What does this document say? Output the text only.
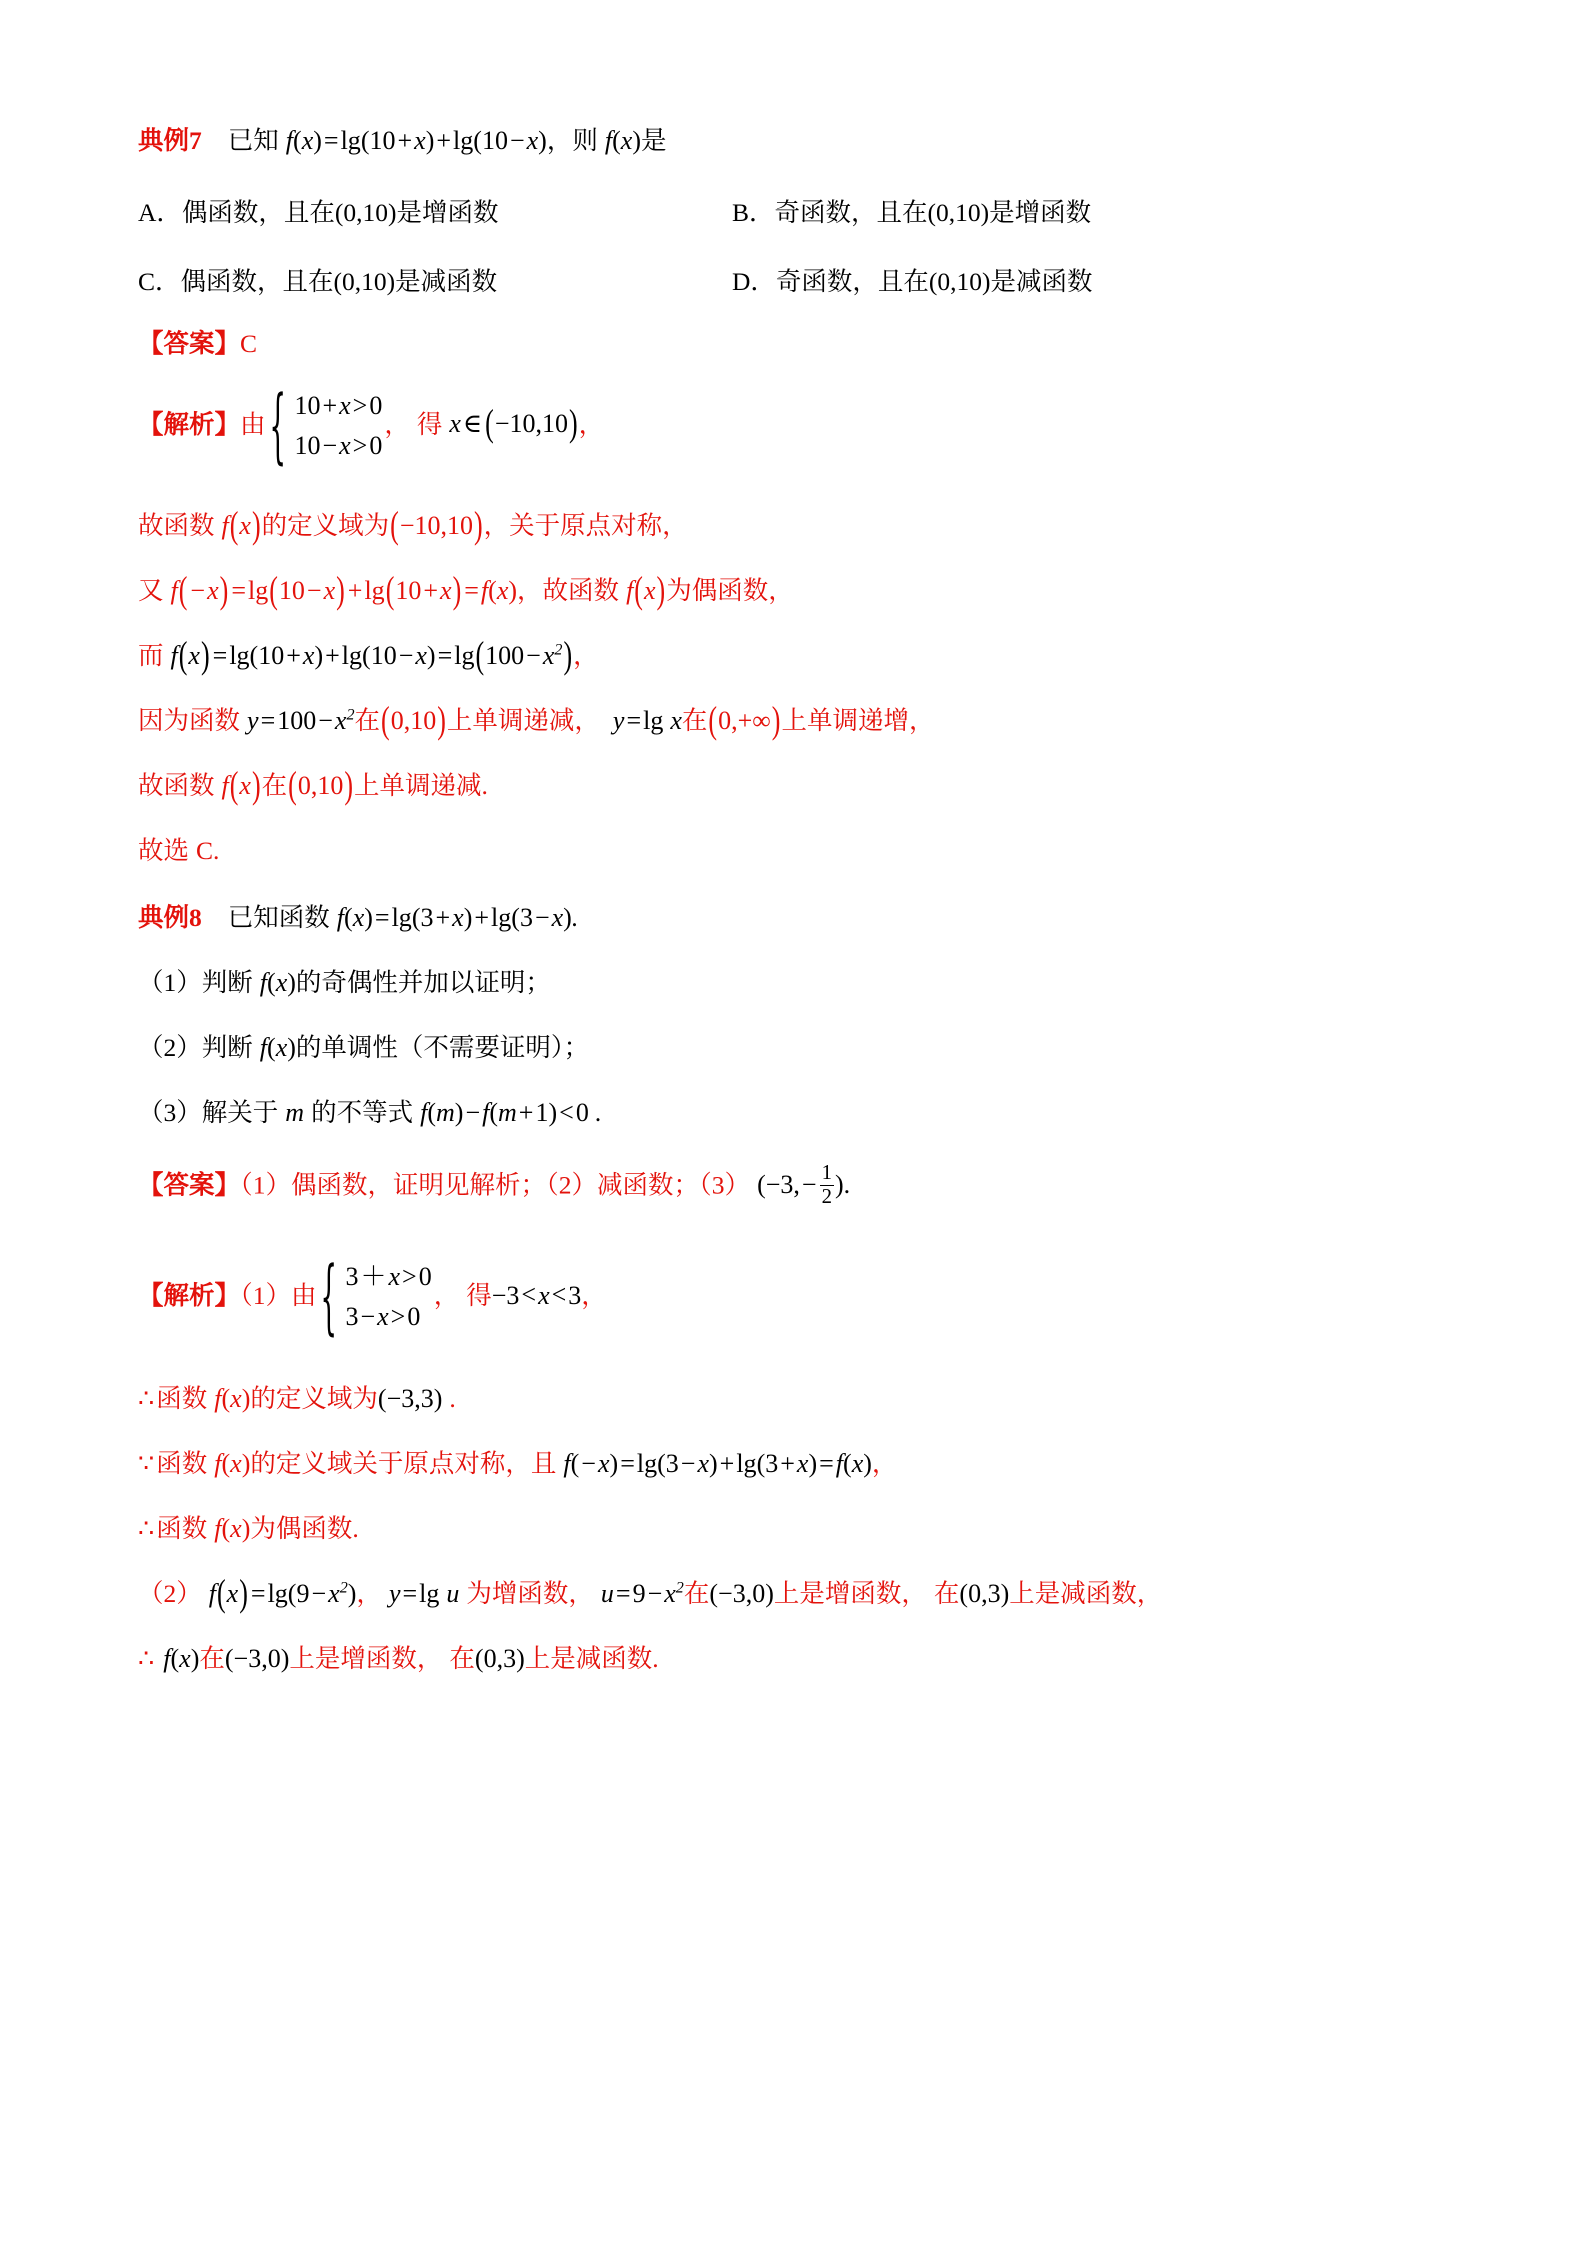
典例7 已知 f(x)=lg(10+x)+lg(10−x)，则 f(x)是
A．偶函数，且在(0,10)是增函数	B．奇函数，且在(0,10)是增函数
C．偶函数，且在(0,10)是减函数	D．奇函数，且在(0,10)是减函数
【答案】C
【解析】由 { 10+x>0
10−x>0
， 得 x∈ (−10,10)，
故函数 f(x)的定义域为(−10,10)，关于原点对称，
又 f( −x) =lg(10−x) +lg(10+x) =f(x)，故函数 f(x)为偶函数，
而 $f(x) =\lg(10+x)+\lg(10-x)=\lg(100-x^2)$，
因为函数 $y=100-x^2$在(0,10)上单调递减， y=lg x在(0,+∞)上单调递增，
故函数 f(x)在(0,10)上单调递减.
故选 C.
典例8 已知函数 f(x)=lg(3+x)+lg(3−x).
（1）判断 f(x)的奇偶性并加以证明；
（2）判断 f(x)的单调性（不需要证明）；
（3）解关于 m 的不等式 f(m)−f(m+1)<0 .
【答案】（1）偶函数，证明见解析；（2）减函数；（3） ($-3,- \frac{1}{2}$ ).
【解析】（1）由 { 3＋x>0
3−x>0
， 得−3<x<3，
∴函数 f(x)的定义域为(−3,3) .
∵函数 f(x)的定义域关于原点对称，且 f(−x)=lg(3−x)+lg(3+x)=f(x)，
∴函数 f(x)为偶函数.
（2） $f(x) =\lg(9-x^2)$， y=lg u 为增函数， $u=9-x^2$在(−3,0)上是增函数， 在(0,3)上是减函数，
∴ f(x)在(−3,0)上是增函数， 在(0,3)上是减函数.
